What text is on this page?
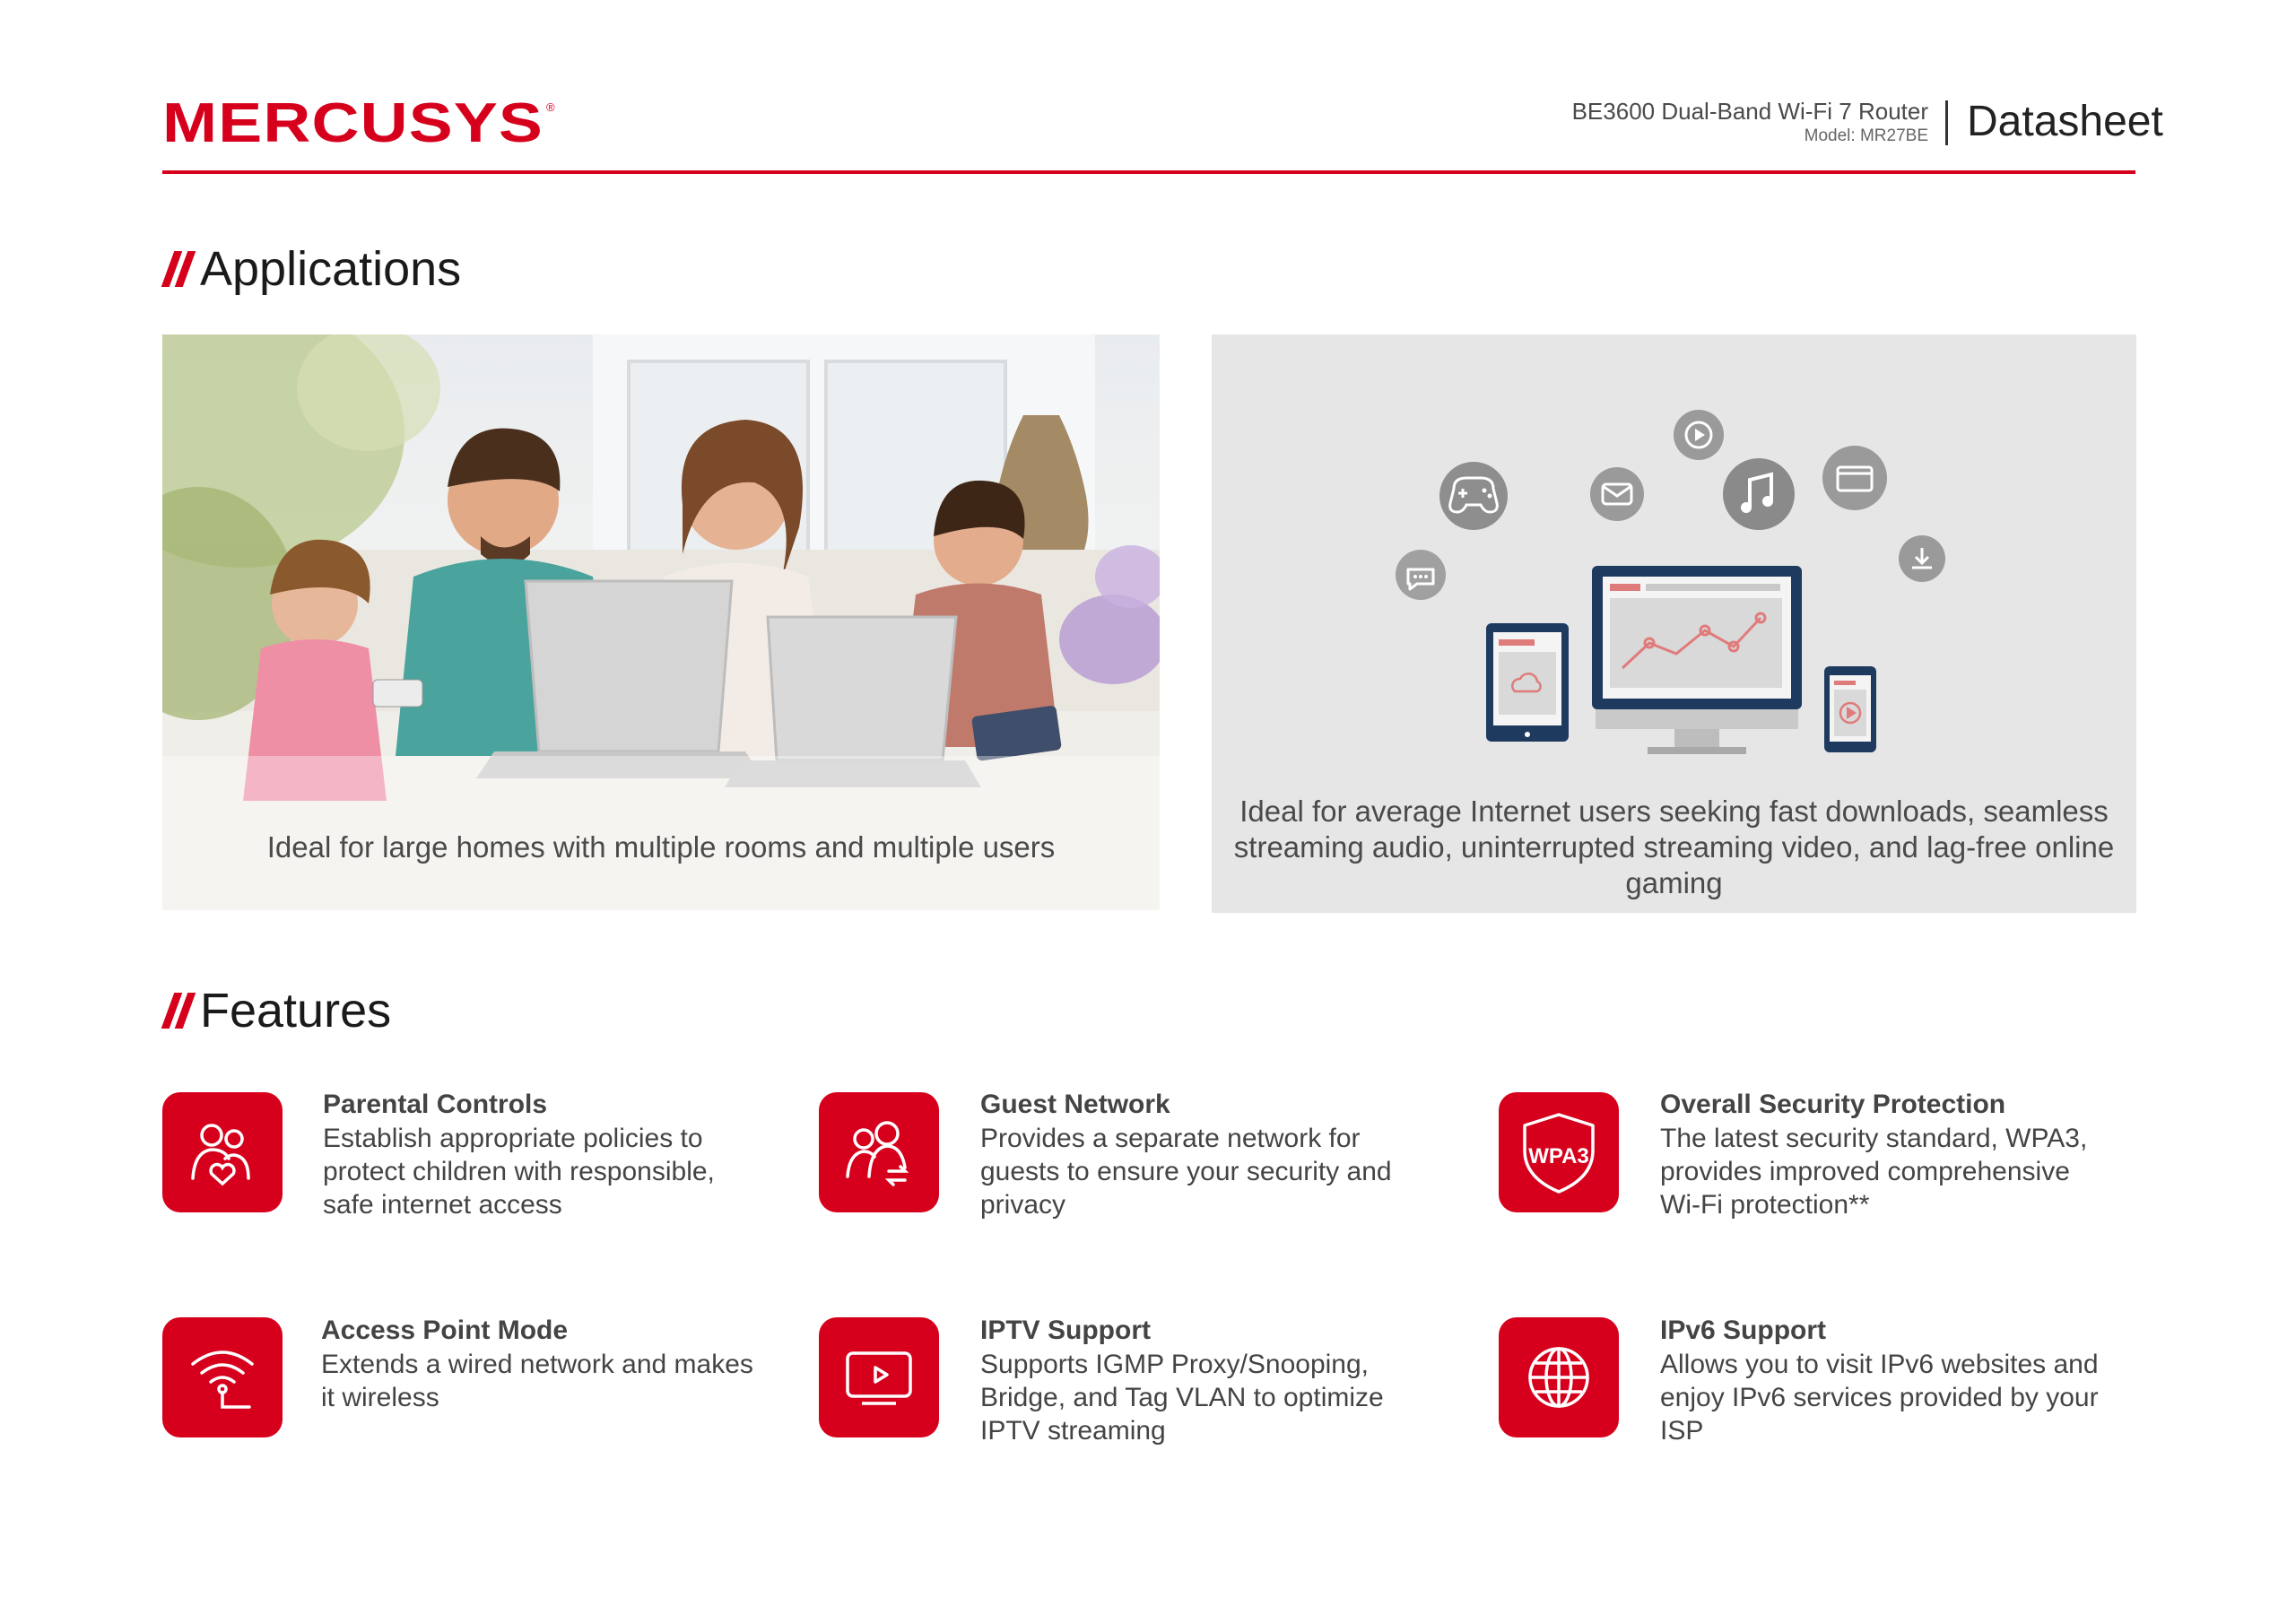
MERCUSYS ®	BE3600 Dual-Band Wi-Fi 7 Router
Model: MR27BE Datasheet
Applications
Ideal for large homes with multiple rooms and multiple users
Ideal for average Internet users seeking fast downloads, seamless streaming audio, uninterrupted streaming video, and lag-free online gaming
Features
Parental Controls
Establish appropriate policies to protect children with responsible, safe internet access
Guest Network
Provides a separate network for guests to ensure your security and privacy
WPA3
Overall Security Protection
The latest security standard, WPA3, provides improved comprehensive Wi-Fi protection**
Access Point Mode
Extends a wired network and makes it wireless
IPTV Support
Supports IGMP Proxy/Snooping, Bridge, and Tag VLAN to optimize IPTV streaming
IPv6 Support
Allows you to visit IPv6 websites and enjoy IPv6 services provided by your ISP
